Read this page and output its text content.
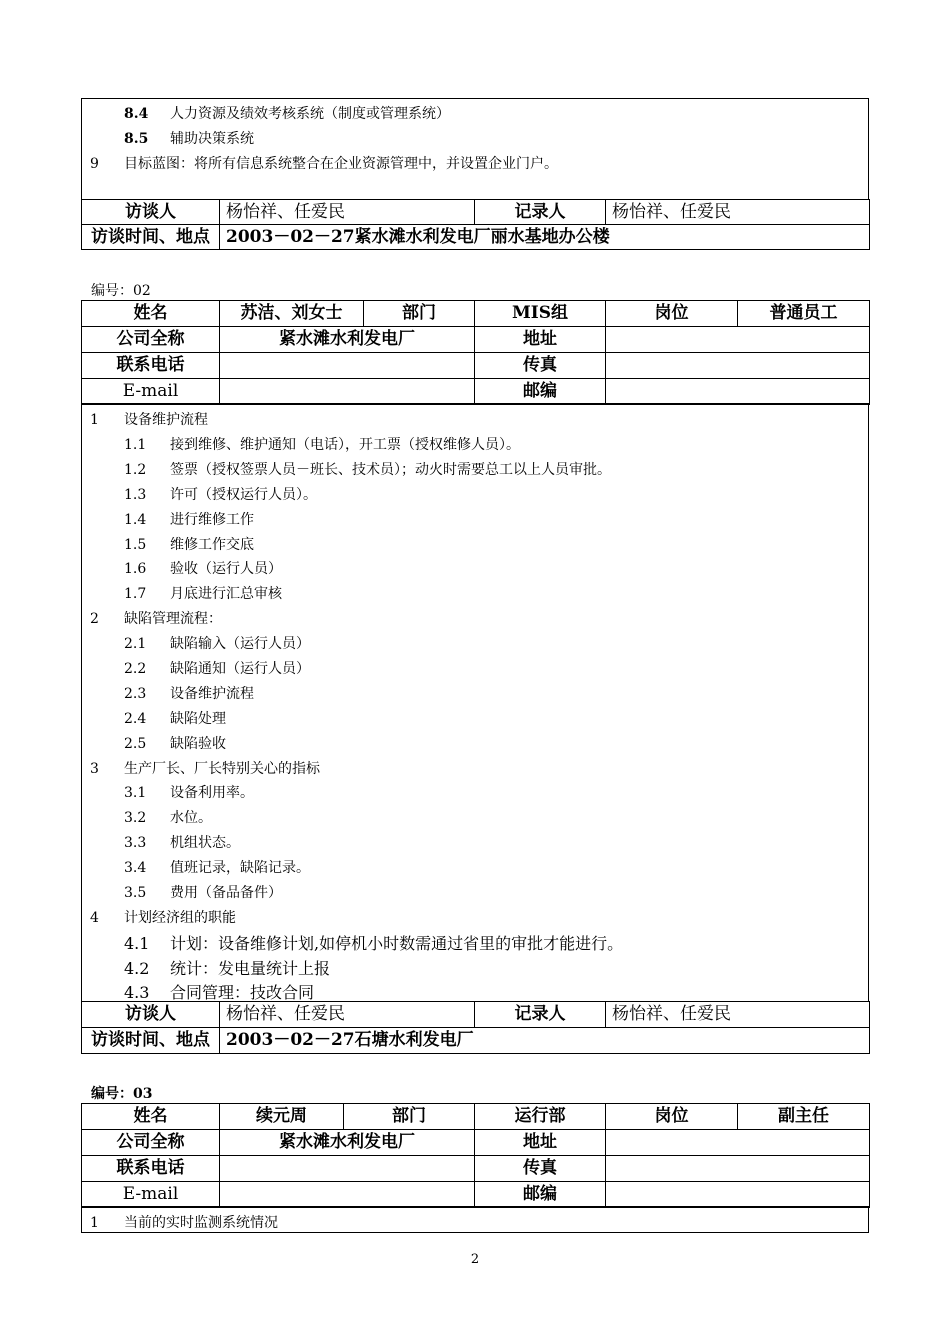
8.4 人力资源及绩效考核系统（制度或管理系统）
8.5 辅助决策系统
9 目标蓝图：将所有信息系统整合在企业资源管理中，并设置企业门户。
访谈人	杨怡祥、任爱民	记录人	杨怡祥、任爱民
访谈时间、地点	2003－02－27紧水滩水利发电厂丽水基地办公楼		
编号：02
姓名	苏洁、刘女士	部门	MIS组	岗位	普通员工
公司全称	紧水滩水利发电厂		地址		
联系电话			传真		
E-mail			邮编		
1 设备维护流程
1.1 接到维修、维护通知（电话），开工票（授权维修人员）。
1.2 签票（授权签票人员－班长、技术员）；动火时需要总工以上人员审批。
1.3 许可（授权运行人员）。
1.4 进行维修工作
1.5 维修工作交底
1.6 验收（运行人员）
1.7 月底进行汇总审核
2 缺陷管理流程：
2.1 缺陷输入（运行人员）
2.2 缺陷通知（运行人员）
2.3 设备维护流程
2.4 缺陷处理
2.5 缺陷验收
3 生产厂长、厂长特别关心的指标
3.1 设备利用率。
3.2 水位。
3.3 机组状态。
3.4 值班记录，缺陷记录。
3.5 费用（备品备件）
4 计划经济组的职能
4.1 计划：设备维修计划,如停机小时数需通过省里的审批才能进行。
4.2 统计：发电量统计上报
4.3 合同管理：技改合同
访谈人	杨怡祥、任爱民	记录人	杨怡祥、任爱民
访谈时间、地点	2003－02－27石塘水利发电厂		
编号：03
姓名	续元周	部门	运行部	岗位	副主任
公司全称	紧水滩水利发电厂		地址		
联系电话			传真		
E-mail			邮编		
1 当前的实时监测系统情况
2
